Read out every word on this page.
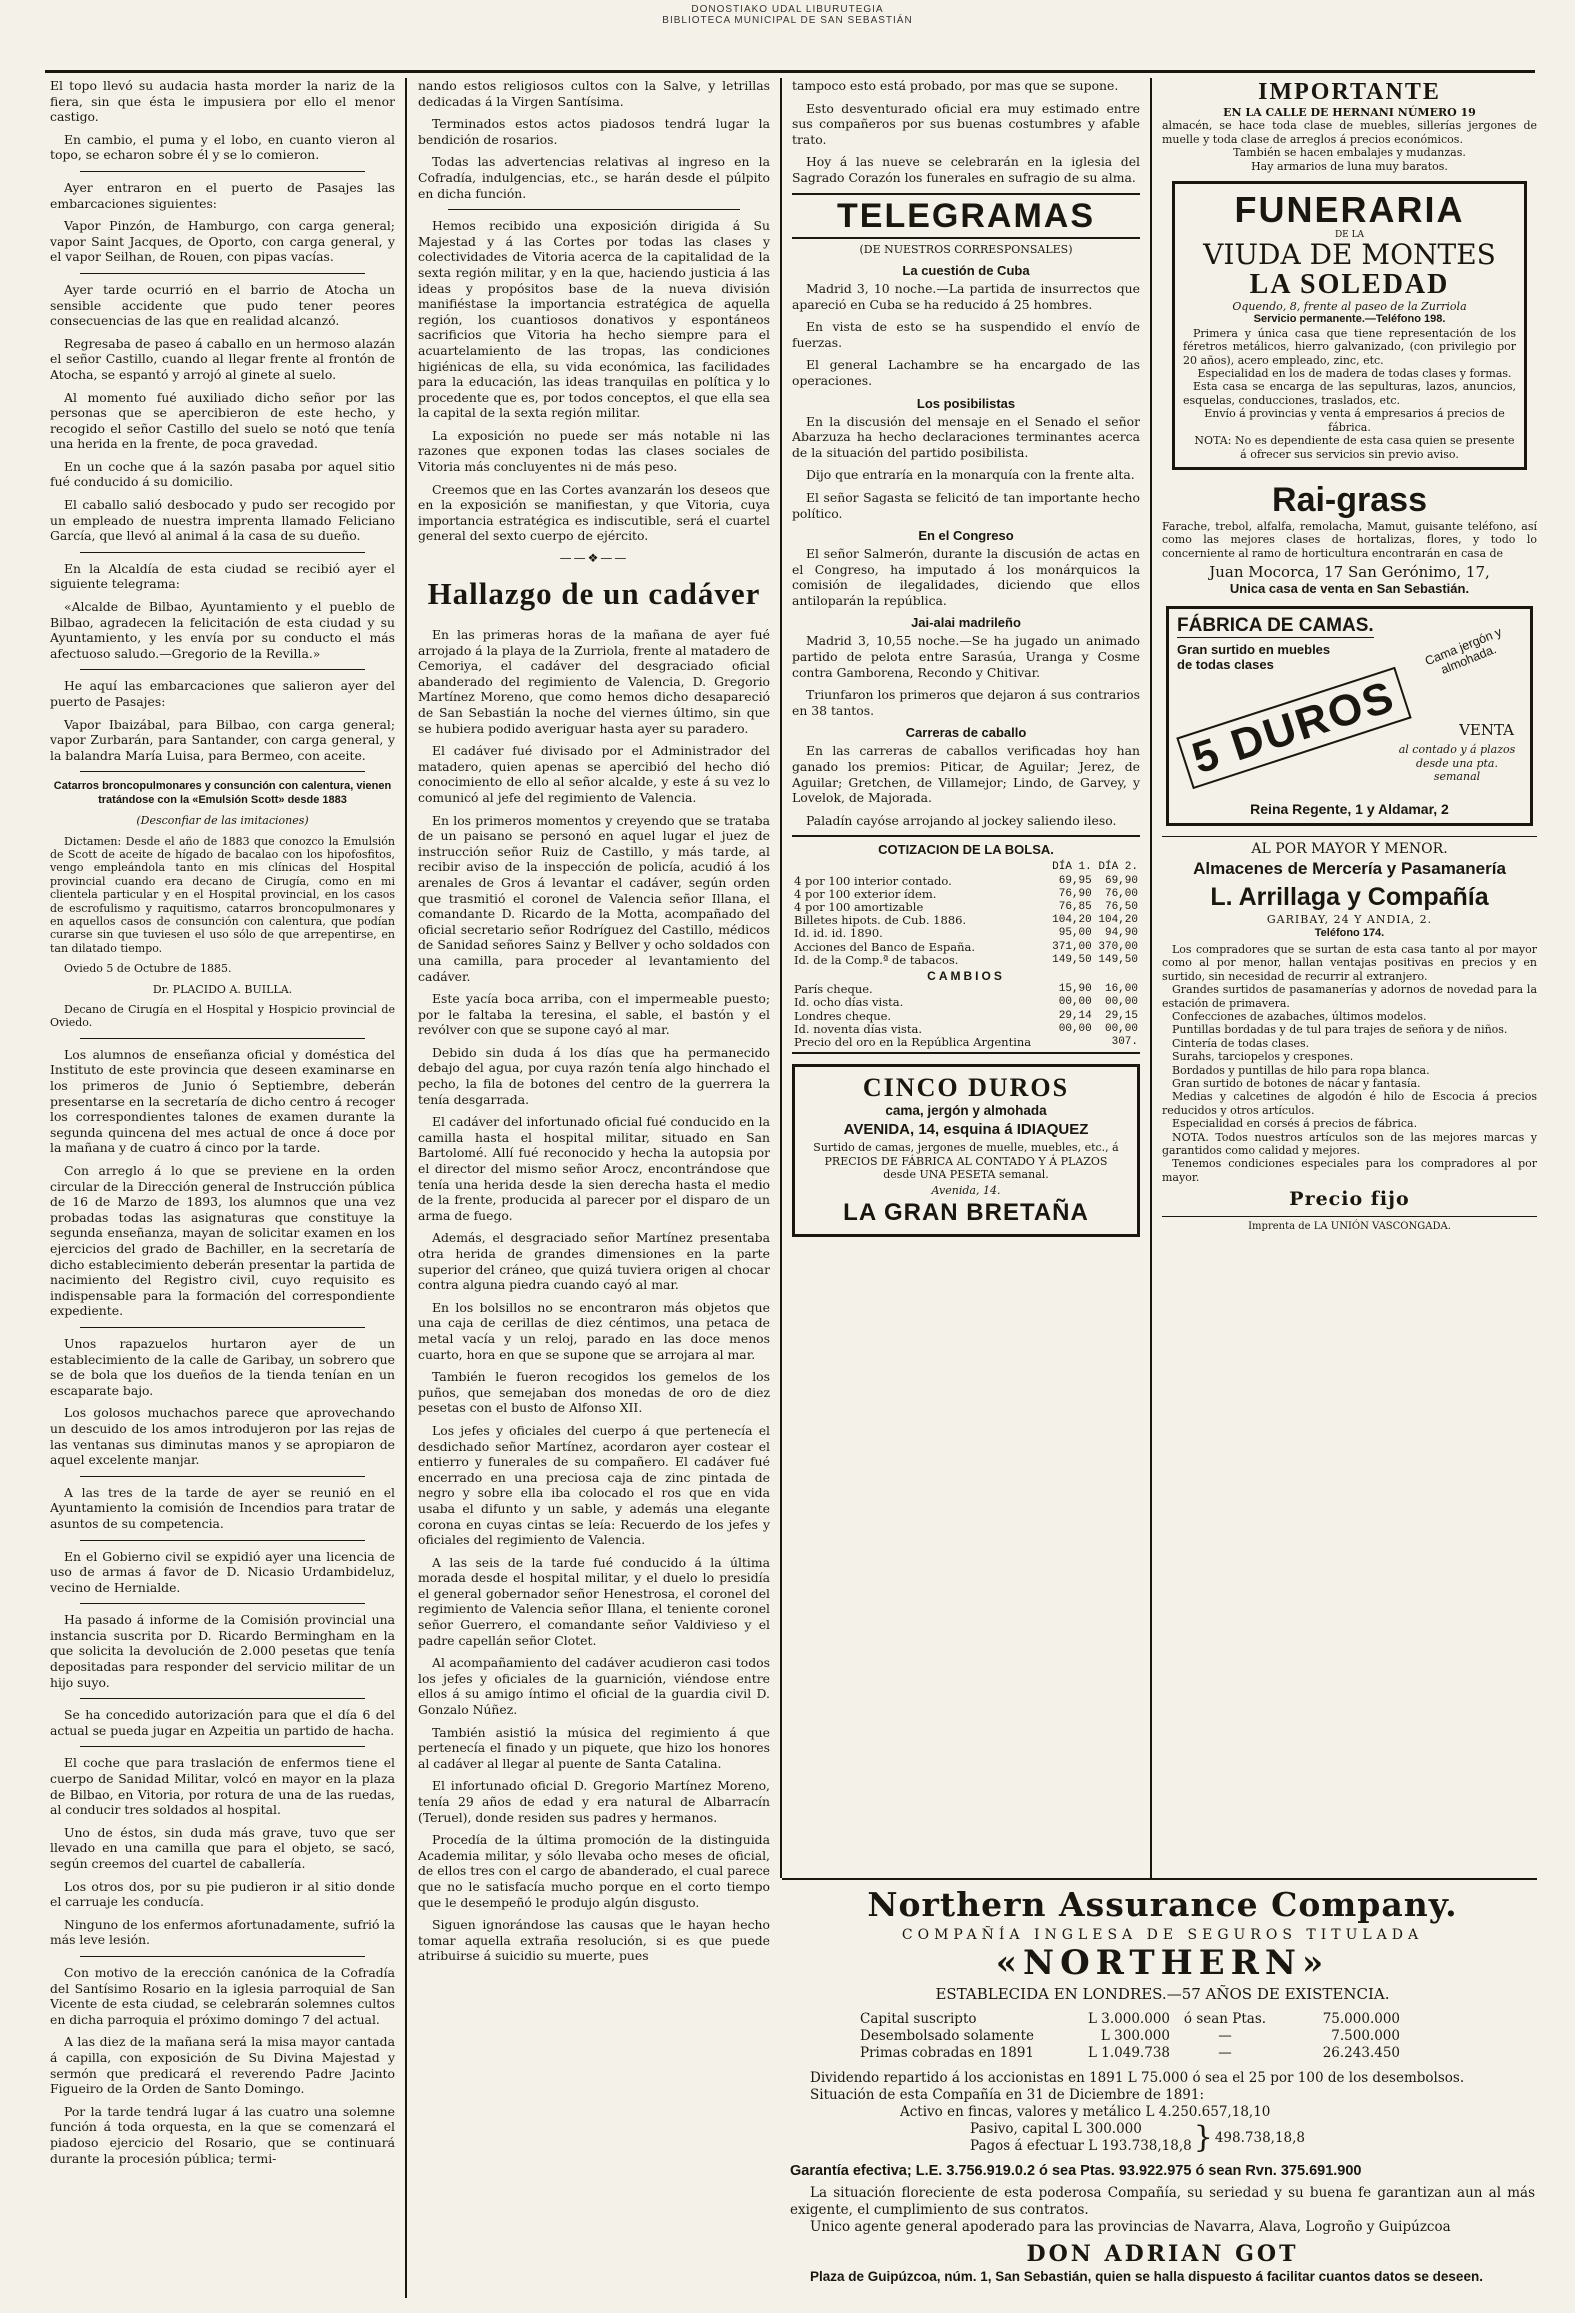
DONOSTIAKO UDAL LIBURUTEGIA
BIBLIOTECA MUNICIPAL DE SAN SEBASTIÁN
El topo llevó su audacia hasta morder la nariz de la fiera, sin que ésta le impusiera por ello el menor castigo.
En cambio, el puma y el lobo, en cuanto vieron al topo, se echaron sobre él y se lo comieron.
Ayer entraron en el puerto de Pasajes las embarcaciones siguientes:
Vapor Pinzón, de Hamburgo, con carga general; vapor Saint Jacques, de Oporto, con carga general, y el vapor Seilhan, de Rouen, con pipas vacías.
Ayer tarde ocurrió en el barrio de Atocha un sensible accidente que pudo tener peores consecuencias de las que en realidad alcanzó.
Regresaba de paseo á caballo en un hermoso alazán el señor Castillo, cuando al llegar frente al frontón de Atocha, se espantó y arrojó al ginete al suelo.
Al momento fué auxiliado dicho señor por las personas que se apercibieron de este hecho, y recogido el señor Castillo del suelo se notó que tenía una herida en la frente, de poca gravedad.
En un coche que á la sazón pasaba por aquel sitio fué conducido á su domicilio.
El caballo salió desbocado y pudo ser recogido por un empleado de nuestra imprenta llamado Feliciano García, que llevó al animal á la casa de su dueño.
En la Alcaldía de esta ciudad se recibió ayer el siguiente telegrama:
«Alcalde de Bilbao, Ayuntamiento y el pueblo de Bilbao, agradecen la felicitación de esta ciudad y su Ayuntamiento, y les envía por su conducto el más afectuoso saludo.—Gregorio de la Revilla.»
He aquí las embarcaciones que salieron ayer del puerto de Pasajes:
Vapor Ibaizábal, para Bilbao, con carga general; vapor Zurbarán, para Santander, con carga general, y la balandra María Luisa, para Bermeo, con aceite.
Catarros broncopulmonares y consunción con calentura, vienen tratándose con la «Emulsión Scott» desde 1883
(Desconfiar de las imitaciones)
Dictamen: Desde el año de 1883 que conozco la Emulsión de Scott de aceite de hígado de bacalao con los hipofosfitos, vengo empleándola tanto en mis clínicas del Hospital provincial cuando era decano de Cirugía, como en mi clientela particular y en el Hospital provincial, en los casos de escrofulismo y raquitismo, catarros broncopulmonares y en aquellos casos de consunción con calentura, que podían curarse sin que tuviesen el uso sólo de que arrepentirse, en tan dilatado tiempo.
Oviedo 5 de Octubre de 1885.
Dr. PLACIDO A. BUILLA.
Decano de Cirugía en el Hospital y Hospicio provincial de Oviedo.
Los alumnos de enseñanza oficial y doméstica del Instituto de este provincia que deseen examinarse en los primeros de Junio ó Septiembre, deberán presentarse en la secretaría de dicho centro á recoger los correspondientes talones de examen durante la segunda quincena del mes actual de once á doce por la mañana y de cuatro á cinco por la tarde.
Con arreglo á lo que se previene en la orden circular de la Dirección general de Instrucción pública de 16 de Marzo de 1893, los alumnos que una vez probadas todas las asignaturas que constituye la segunda enseñanza, mayan de solicitar examen en los ejercicios del grado de Bachiller, en la secretaría de dicho establecimiento deberán presentar la partida de nacimiento del Registro civil, cuyo requisito es indispensable para la formación del correspondiente expediente.
Unos rapazuelos hurtaron ayer de un establecimiento de la calle de Garibay, un sobrero que se de bola que los dueños de la tienda tenían en un escaparate bajo.
Los golosos muchachos parece que aprovechando un descuido de los amos introdujeron por las rejas de las ventanas sus diminutas manos y se apropiaron de aquel excelente manjar.
A las tres de la tarde de ayer se reunió en el Ayuntamiento la comisión de Incendios para tratar de asuntos de su competencia.
En el Gobierno civil se expidió ayer una licencia de uso de armas á favor de D. Nicasio Urdambideluz, vecino de Hernialde.
Ha pasado á informe de la Comisión provincial una instancia suscrita por D. Ricardo Bermingham en la que solicita la devolución de 2.000 pesetas que tenía depositadas para responder del servicio militar de un hijo suyo.
Se ha concedido autorización para que el día 6 del actual se pueda jugar en Azpeitia un partido de hacha.
El coche que para traslación de enfermos tiene el cuerpo de Sanidad Militar, volcó en mayor en la plaza de Bilbao, en Vitoria, por rotura de una de las ruedas, al conducir tres soldados al hospital.
Uno de éstos, sin duda más grave, tuvo que ser llevado en una camilla que para el objeto, se sacó, según creemos del cuartel de caballería.
Los otros dos, por su pie pudieron ir al sitio donde el carruaje les conducía.
Ninguno de los enfermos afortunadamente, sufrió la más leve lesión.
Con motivo de la erección canónica de la Cofradía del Santísimo Rosario en la iglesia parroquial de San Vicente de esta ciudad, se celebrarán solemnes cultos en dicha parroquia el próximo domingo 7 del actual.
A las diez de la mañana será la misa mayor cantada á capilla, con exposición de Su Divina Majestad y sermón que predicará el reverendo Padre Jacinto Figueiro de la Orden de Santo Domingo.
Por la tarde tendrá lugar á las cuatro una solemne función á toda orquesta, en la que se comenzará el piadoso ejercicio del Rosario, que se continuará durante la procesión pública; termi-
nando estos religiosos cultos con la Salve, y letrillas dedicadas á la Virgen Santísima.
Terminados estos actos piadosos tendrá lugar la bendición de rosarios.
Todas las advertencias relativas al ingreso en la Cofradía, indulgencias, etc., se harán desde el púlpito en dicha función.
Hemos recibido una exposición dirigida á Su Majestad y á las Cortes por todas las clases y colectividades de Vitoria acerca de la capitalidad de la sexta región militar, y en la que, haciendo justicia á las ideas y propósitos base de la nueva división manifiéstase la importancia estratégica de aquella región, los cuantiosos donativos y espontáneos sacrificios que Vitoria ha hecho siempre para el acuartelamiento de las tropas, las condiciones higiénicas de ella, su vida económica, las facilidades para la educación, las ideas tranquilas en política y lo procedente que es, por todos conceptos, el que ella sea la capital de la sexta región militar.
La exposición no puede ser más notable ni las razones que exponen todas las clases sociales de Vitoria más concluyentes ni de más peso.
Creemos que en las Cortes avanzarán los deseos que en la exposición se manifiestan, y que Vitoria, cuya importancia estratégica es indiscutible, será el cuartel general del sexto cuerpo de ejército.
——❖——
Hallazgo de un cadáver
En las primeras horas de la mañana de ayer fué arrojado á la playa de la Zurriola, frente al matadero de Cemoriya, el cadáver del desgraciado oficial abanderado del regimiento de Valencia, D. Gregorio Martínez Moreno, que como hemos dicho desapareció de San Sebastián la noche del viernes último, sin que se hubiera podido averiguar hasta ayer su paradero.
El cadáver fué divisado por el Administrador del matadero, quien apenas se apercibió del hecho dió conocimiento de ello al señor alcalde, y este á su vez lo comunicó al jefe del regimiento de Valencia.
En los primeros momentos y creyendo que se trataba de un paisano se personó en aquel lugar el juez de instrucción señor Ruiz de Castillo, y más tarde, al recibir aviso de la inspección de policía, acudió á los arenales de Gros á levantar el cadáver, según orden que trasmitió el coronel de Valencia señor Illana, el comandante D. Ricardo de la Motta, acompañado del oficial secretario señor Rodríguez del Castillo, médicos de Sanidad señores Sainz y Bellver y ocho soldados con una camilla, para proceder al levantamiento del cadáver.
Este yacía boca arriba, con el impermeable puesto; por le faltaba la teresina, el sable, el bastón y el revólver con que se supone cayó al mar.
Debido sin duda á los días que ha permanecido debajo del agua, por cuya razón tenía algo hinchado el pecho, la fila de botones del centro de la guerrera la tenía desgarrada.
El cadáver del infortunado oficial fué conducido en la camilla hasta el hospital militar, situado en San Bartolomé. Allí fué reconocido y hecha la autopsia por el director del mismo señor Arocz, encontrándose que tenía una herida desde la sien derecha hasta el medio de la frente, producida al parecer por el disparo de un arma de fuego.
Además, el desgraciado señor Martínez presentaba otra herida de grandes dimensiones en la parte superior del cráneo, que quizá tuviera origen al chocar contra alguna piedra cuando cayó al mar.
En los bolsillos no se encontraron más objetos que una caja de cerillas de diez céntimos, una petaca de metal vacía y un reloj, parado en las doce menos cuarto, hora en que se supone que se arrojara al mar.
También le fueron recogidos los gemelos de los puños, que semejaban dos monedas de oro de diez pesetas con el busto de Alfonso XII.
Los jefes y oficiales del cuerpo á que pertenecía el desdichado señor Martínez, acordaron ayer costear el entierro y funerales de su compañero. El cadáver fué encerrado en una preciosa caja de zinc pintada de negro y sobre ella iba colocado el ros que en vida usaba el difunto y un sable, y además una elegante corona en cuyas cintas se leía: Recuerdo de los jefes y oficiales del regimiento de Valencia.
A las seis de la tarde fué conducido á la última morada desde el hospital militar, y el duelo lo presidía el general gobernador señor Henestrosa, el coronel del regimiento de Valencia señor Illana, el teniente coronel señor Guerrero, el comandante señor Valdivieso y el padre capellán señor Clotet.
Al acompañamiento del cadáver acudieron casi todos los jefes y oficiales de la guarnición, viéndose entre ellos á su amigo íntimo el oficial de la guardia civil D. Gonzalo Núñez.
También asistió la música del regimiento á que pertenecía el finado y un piquete, que hizo los honores al cadáver al llegar al puente de Santa Catalina.
El infortunado oficial D. Gregorio Martínez Moreno, tenía 29 años de edad y era natural de Albarracín (Teruel), donde residen sus padres y hermanos.
Procedía de la última promoción de la distinguida Academia militar, y sólo llevaba ocho meses de oficial, de ellos tres con el cargo de abanderado, el cual parece que no le satisfacía mucho porque en el corto tiempo que le desempeñó le produjo algún disgusto.
Siguen ignorándose las causas que le hayan hecho tomar aquella extraña resolución, si es que puede atribuirse á suicidio su muerte, pues
tampoco esto está probado, por mas que se supone.
Esto desventurado oficial era muy estimado entre sus compañeros por sus buenas costumbres y afable trato.
Hoy á las nueve se celebrarán en la iglesia del Sagrado Corazón los funerales en sufragio de su alma.
TELEGRAMAS
(DE NUESTROS CORRESPONSALES)
La cuestión de Cuba
Madrid 3, 10 noche.—La partida de insurrectos que apareció en Cuba se ha reducido á 25 hombres.
En vista de esto se ha suspendido el envío de fuerzas.
El general Lachambre se ha encargado de las operaciones.
Los posibilistas
En la discusión del mensaje en el Senado el señor Abarzuza ha hecho declaraciones terminantes acerca de la situación del partido posibilista.
Dijo que entraría en la monarquía con la frente alta.
El señor Sagasta se felicitó de tan importante hecho político.
En el Congreso
El señor Salmerón, durante la discusión de actas en el Congreso, ha imputado á los monárquicos la comisión de ilegalidades, diciendo que ellos antiloparán la república.
Jai-alai madrileño
Madrid 3, 10,55 noche.—Se ha jugado un animado partido de pelota entre Sarasúa, Uranga y Cosme contra Gamborena, Recondo y Chitivar.
Triunfaron los primeros que dejaron á sus contrarios en 38 tantos.
Carreras de caballo
En las carreras de caballos verificadas hoy han ganado los premios: Piticar, de Aguilar; Jerez, de Aguilar; Gretchen, de Villamejor; Lindo, de Garvey, y Lovelok, de Majorada.
Paladín cayóse arrojando al jockey saliendo ileso.
COTIZACION DE LA BOLSA.
	DÍA 1.	DÍA 2.
4 por 100 interior contado.	69,95	69,90
4 por 100 exterior ídem.	76,90	76,00
4 por 100 amortizable	76,85	76,50
Billetes hipots. de Cub. 1886.	104,20	104,20
Id. id. id. 1890.	95,00	94,90
Acciones del Banco de España.	371,00	370,00
Id. de la Comp.ª de tabacos.	149,50	149,50
CAMBIOS		
París cheque.	15,90	16,00
Id. ocho días vista.	00,00	00,00
Londres cheque.	29,14	29,15
Id. noventa días vista.	00,00	00,00
Precio del oro en la República Argentina		307.
CINCO DUROS
cama, jergón y almohada
AVENIDA, 14, esquina á IDIAQUEZ
Surtido de camas, jergones de muelle, muebles, etc., á PRECIOS DE FÁBRICA AL CONTADO Y Á PLAZOS desde UNA PESETA semanal.
Avenida, 14.
LA GRAN BRETAÑA
IMPORTANTE
EN LA CALLE DE HERNANI NÚMERO 19
almacén, se hace toda clase de muebles, sillerías jergones de muelle y toda clase de arreglos á precios económicos.
También se hacen embalajes y mudanzas.
Hay armarios de luna muy baratos.
FUNERARIA
DE LA
VIUDA DE MONTES
LA SOLEDAD
Oquendo, 8, frente al paseo de la Zurriola
Servicio permanente.—Teléfono 198.
Primera y única casa que tiene representación de los féretros metálicos, hierro galvanizado, (con privilegio por 20 años), acero empleado, zinc, etc.
Especialidad en los de madera de todas clases y formas.
Esta casa se encarga de las sepulturas, lazos, anuncios, esquelas, conducciones, traslados, etc.
Envío á provincias y venta á empresarios á precios de fábrica.
NOTA: No es dependiente de esta casa quien se presente á ofrecer sus servicios sin previo aviso.
Rai-grass
Farache, trebol, alfalfa, remolacha, Mamut, guisante teléfono, así como las mejores clases de hortalizas, flores, y todo lo concerniente al ramo de horticultura encontrarán en casa de
Juan Mocorca, 17 San Gerónimo, 17,
Unica casa de venta en San Sebastián.
FÁBRICA DE CAMAS.
Gran surtido en muebles de todas clases	Cama jergón y almohada.
5 DUROS	VENTA
al contado y á plazos desde una pta. semanal
Reina Regente, 1 y Aldamar, 2
AL POR MAYOR Y MENOR.
Almacenes de Mercería y Pasamanería
L. Arrillaga y Compañía
GARIBAY, 24 Y ANDIA, 2.
Teléfono 174.
Los compradores que se surtan de esta casa tanto al por mayor como al por menor, hallan ventajas positivas en precios y en surtido, sin necesidad de recurrir al extranjero.
Grandes surtidos de pasamanerías y adornos de novedad para la estación de primavera.
Confecciones de azabaches, últimos modelos.
Puntillas bordadas y de tul para trajes de señora y de niños.
Cintería de todas clases.
Surahs, tarciopelos y crespones.
Bordados y puntillas de hilo para ropa blanca.
Gran surtido de botones de nácar y fantasía.
Medias y calcetines de algodón é hilo de Escocia á precios reducidos y otros artículos.
Especialidad en corsés á precios de fábrica.
NOTA. Todos nuestros artículos son de las mejores marcas y garantidos como calidad y mejores.
Tenemos condiciones especiales para los compradores al por mayor.
Precio fijo
Imprenta de LA UNIÓN VASCONGADA.
Northern Assurance Company.
COMPAÑÍA INGLESA DE SEGUROS TITULADA
«NORTHERN»
ESTABLECIDA EN LONDRES.—57 AÑOS DE EXISTENCIA.
Capital suscripto	L 3.000.000	ó sean Ptas.	75.000.000
Desembolsado solamente	L 300.000	—	7.500.000
Primas cobradas en 1891	L 1.049.738	—	26.243.450
Dividendo repartido á los accionistas en 1891 L 75.000 ó sea el 25 por 100 de los desembolsos.
Situación de esta Compañía en 31 de Diciembre de 1891:
Activo en fincas, valores y metálico L 4.250.657,18,10
Pasivo, capital L 300.000
Pagos á efectuar L 193.738,18,8 } 498.738,18,8
Garantía efectiva; L.E. 3.756.919.0.2 ó sea Ptas. 93.922.975 ó sean Rvn. 375.691.900
La situación floreciente de esta poderosa Compañía, su seriedad y su buena fe garantizan aun al más exigente, el cumplimiento de sus contratos.
Unico agente general apoderado para las provincias de Navarra, Alava, Logroño y Guipúzcoa
DON ADRIAN GOT
Plaza de Guipúzcoa, núm. 1, San Sebastián, quien se halla dispuesto á facilitar cuantos datos se deseen.
